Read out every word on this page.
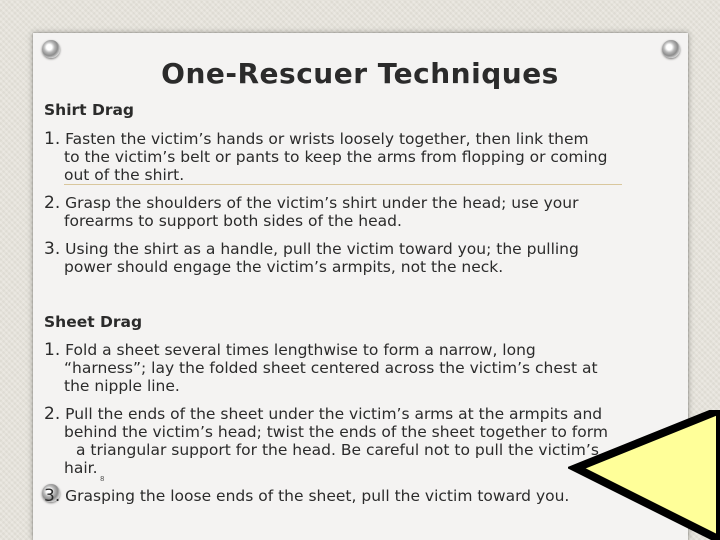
One-Rescuer Techniques
Shirt Drag
1. Fasten the victim’s hands or wrists loosely together, then link them
to the victim’s belt or pants to keep the arms from flopping or coming
out of the shirt.
2. Grasp the shoulders of the victim’s shirt under the head; use your
forearms to support both sides of the head.
3. Using the shirt as a handle, pull the victim toward you; the pulling
power should engage the victim’s armpits, not the neck.
Sheet Drag
1. Fold a sheet several times lengthwise to form a narrow, long
“harness”; lay the folded sheet centered across the victim’s chest at
the nipple line.
2. Pull the ends of the sheet under the victim’s arms at the armpits and
behind the victim’s head; twist the ends of the sheet together to form
a triangular support for the head. Be careful not to pull the victim’s
hair.
3. Grasping the loose ends of the sheet, pull the victim toward you.
8
